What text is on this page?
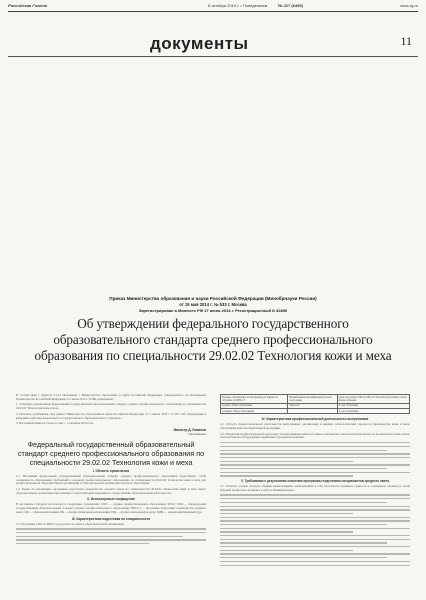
Российская Газета	6 октября 2014 г. • Понедельник	№ 227 (6499)	www.rg.ru
документы	11
Приказ Министерства образования и науки Российской Федерации (Минобрнауки России)
от 15 мая 2014 г. № 533 г. Москва
Зарегистрирован в Минюсте РФ 27 июня 2014 г. Регистрационный N 32890
Об утверждении федерального государственного образовательного стандарта среднего профессионального образования по специальности 29.02.02 Технология кожи и меха

В соответствии с пунктом 5.2.41 Положения о Министерстве образования и науки Российской Федерации, утвержденного постановлением Правительства Российской Федерации от 3 июня 2013 г. N 466, приказываю:

1. Утвердить прилагаемый федеральный государственный образовательный стандарт среднего профессионального образования по специальности 29.02.02 Технология кожи и меха.

2. Признать утратившим силу приказ Министерства образования и науки Российской Федерации от 1 апреля 2010 г. N 267 «Об утверждении и введении в действие федерального государственного образовательного стандарта».

3. Настоящий приказ вступает в силу с 1 сентября 2014 года.

Министр Д. Ливанов
Приложение
Федеральный государственный образовательный стандарт среднего профессионального образования по специальности 29.02.02 Технология кожи и меха
I. Область применения

1.1. Настоящий федеральный государственный образовательный стандарт среднего профессионального образования представляет собой совокупность обязательных требований к среднему профессиональному образованию по специальности 29.02.02 Технология кожи и меха для профессиональной образовательной организации и образовательной организации высшего образования.

1.2. Право на реализацию программы подготовки специалистов среднего звена по специальности 29.02.02 Технология кожи и меха имеет образовательная организация при наличии соответствующей лицензии на осуществление образовательной деятельности.

II. Используемые сокращения

В настоящем стандарте используются следующие сокращения: СПО — среднее профессиональное образование; ФГОС СПО — федеральный государственный образовательный стандарт среднего профессионального образования; ППССЗ — программа подготовки специалистов среднего звена; ОК — общая компетенция; ПК — профессиональная компетенция; ПМ — профессиональный модуль; МДК — междисциплинарный курс.

III. Характеристика подготовки по специальности

3.1. Получение СПО по ППССЗ допускается только в образовательной организации.

Уровень образования, необходимый для приема на обучение по ППССЗ	Наименование квалификации базовой подготовки	Срок получения СПО по ППССЗ базовой подготовки в очной форме обучения
среднее общее образование	Технолог	2 года 10 месяцев
основное общее образование		3 года 10 месяцев
IV. Характеристика профессиональной деятельности выпускников

4.1. Область профессиональной деятельности выпускников: организация и ведение технологических процессов производства кожи и меха, обеспечение качества выпускаемой продукции.

4.2. Объектами профессиональной деятельности выпускников являются: сырье и материалы; технологические процессы производства кожи и меха; технологическое оборудование; первичные трудовые коллективы.

V. Требования к результатам освоения программы подготовки специалистов среднего звена

5.1. Технолог должен обладать общими компетенциями, включающими в себя способность понимать сущность и социальную значимость своей будущей профессии, проявлять к ней устойчивый интерес.
